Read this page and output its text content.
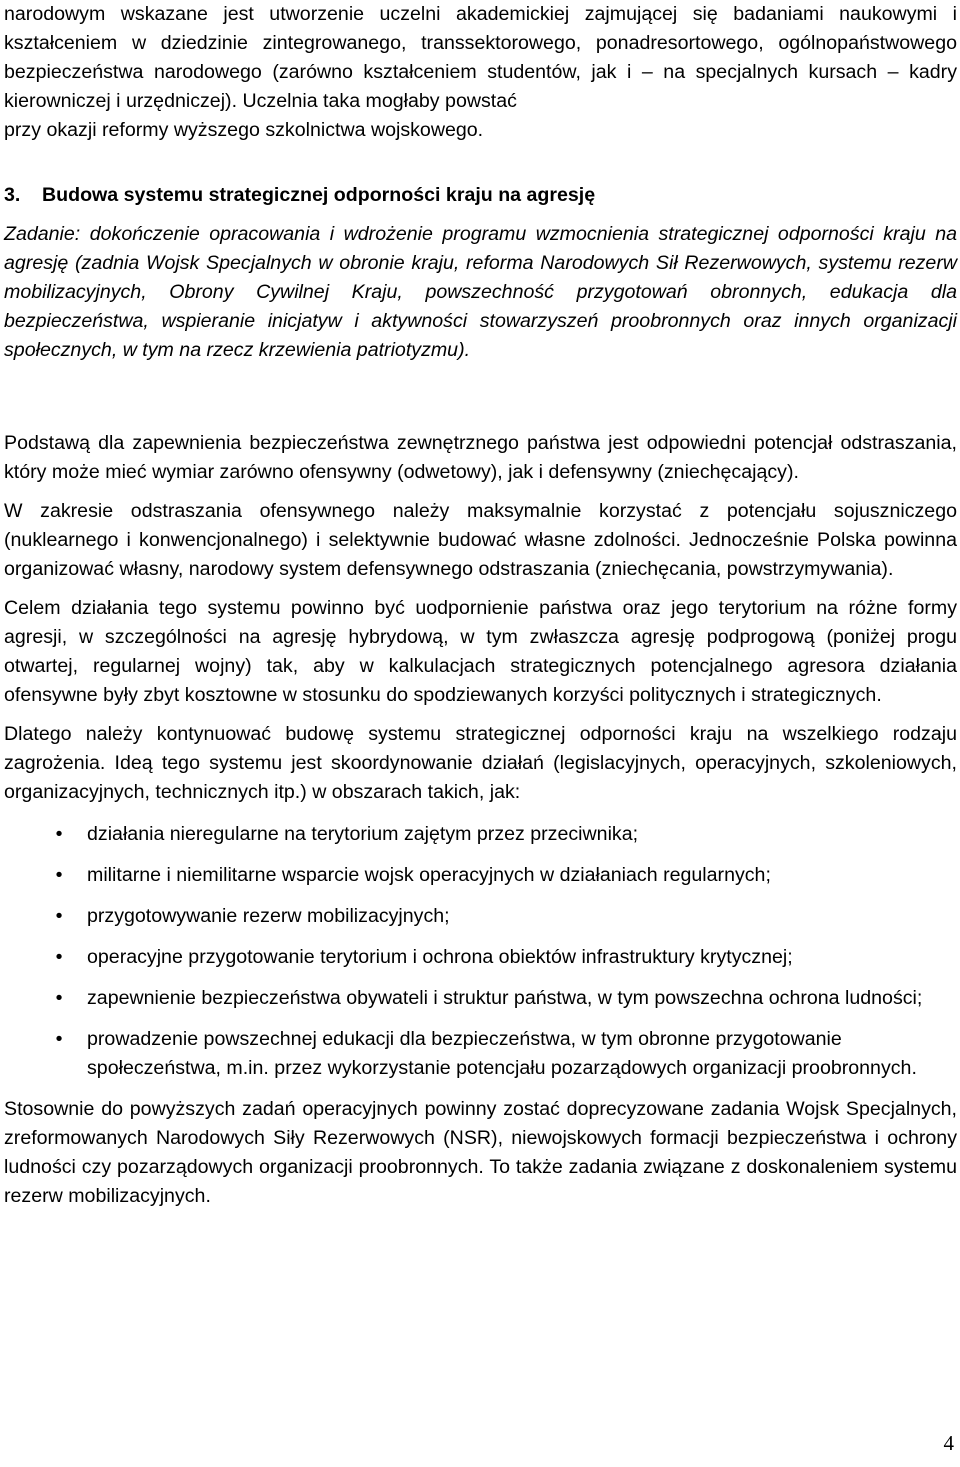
narodowym wskazane jest utworzenie uczelni akademickiej zajmującej się badaniami naukowymi i kształceniem w dziedzinie zintegrowanego, transsektorowego, ponadresortowego, ogólnopaństwowego bezpieczeństwa narodowego (zarówno kształceniem studentów, jak i – na specjalnych kursach – kadry kierowniczej i urzędniczej). Uczelnia taka mogłaby powstać

przy okazji reformy wyższego szkolnictwa wojskowego.

3. Budowa systemu strategicznej odporności kraju na agresję

Zadanie: dokończenie opracowania i wdrożenie programu wzmocnienia strategicznej odporności kraju na agresję (zadnia Wojsk Specjalnych w obronie kraju, reforma Narodowych Sił Rezerwowych, systemu rezerw mobilizacyjnych, Obrony Cywilnej Kraju, powszechność przygotowań obronnych, edukacja dla bezpieczeństwa, wspieranie inicjatyw i aktywności stowarzyszeń proobronnych oraz innych organizacji społecznych, w tym na rzecz krzewienia patriotyzmu).

Podstawą dla zapewnienia bezpieczeństwa zewnętrznego państwa jest odpowiedni potencjał odstraszania, który może mieć wymiar zarówno ofensywny (odwetowy), jak i defensywny (zniechęcający).

W zakresie odstraszania ofensywnego należy maksymalnie korzystać z potencjału sojuszniczego (nuklearnego i konwencjonalnego) i selektywnie budować własne zdolności. Jednocześnie Polska powinna organizować własny, narodowy system defensywnego odstraszania (zniechęcania, powstrzymywania).

Celem działania tego systemu powinno być uodpornienie państwa oraz jego terytorium na różne formy agresji, w szczególności na agresję hybrydową, w tym zwłaszcza agresję podprogową (poniżej progu otwartej, regularnej wojny) tak, aby w kalkulacjach strategicznych potencjalnego agresora działania ofensywne były zbyt kosztowne w stosunku do spodziewanych korzyści politycznych i strategicznych.

Dlatego należy kontynuować budowę systemu strategicznej odporności kraju na wszelkiego rodzaju zagrożenia. Ideą tego systemu jest skoordynowanie działań (legislacyjnych, operacyjnych, szkoleniowych, organizacyjnych, technicznych itp.) w obszarach takich, jak:

•	działania nieregularne na terytorium zajętym przez przeciwnika;
•	militarne i niemilitarne wsparcie wojsk operacyjnych w działaniach regularnych;
•	przygotowywanie rezerw mobilizacyjnych;
•	operacyjne przygotowanie terytorium i ochrona obiektów infrastruktury krytycznej;
•	zapewnienie bezpieczeństwa obywateli i struktur państwa, w tym powszechna ochrona ludności;
•	prowadzenie powszechnej edukacji dla bezpieczeństwa, w tym obronne przygotowanie społeczeństwa, m.in. przez wykorzystanie potencjału pozarządowych organizacji proobronnych.

Stosownie do powyższych zadań operacyjnych powinny zostać doprecyzowane zadania Wojsk Specjalnych, zreformowanych Narodowych Siły Rezerwowych (NSR), niewojskowych formacji bezpieczeństwa i ochrony ludności czy pozarządowych organizacji proobronnych. To także zadania związane z doskonaleniem systemu rezerw mobilizacyjnych.

4
